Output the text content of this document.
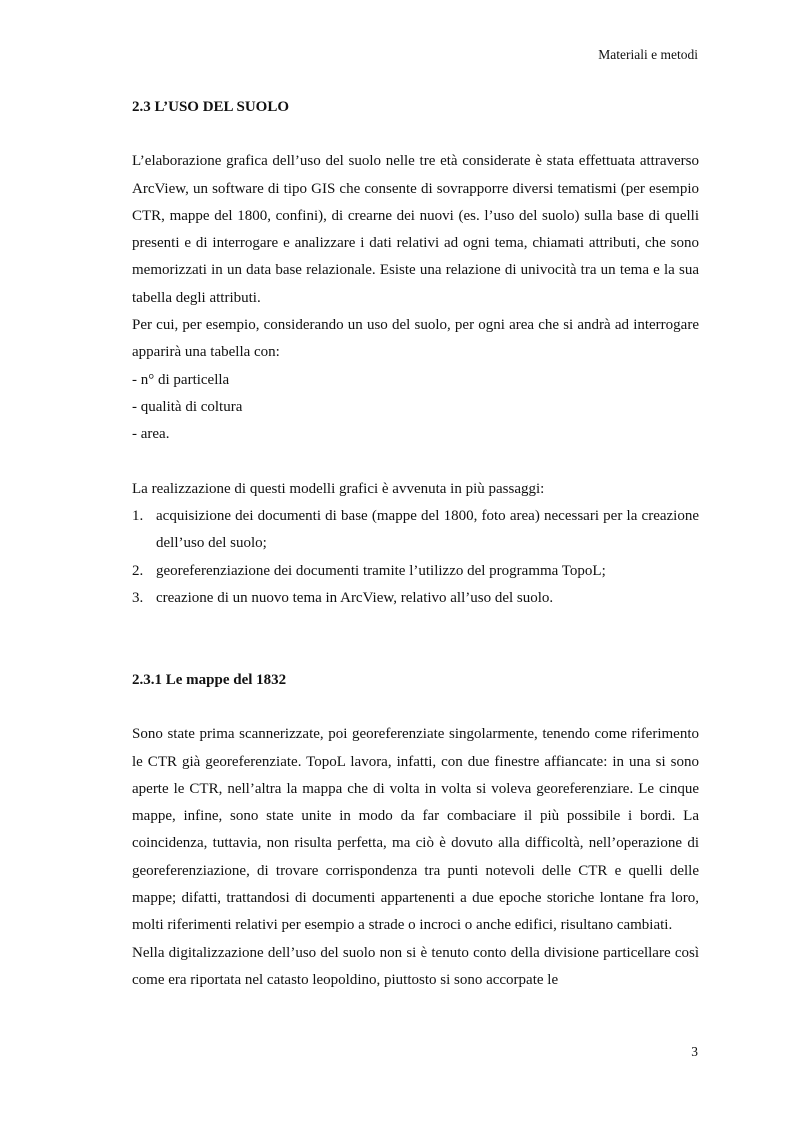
Materiali e metodi
2.3 L’USO DEL SUOLO

L’elaborazione grafica dell’uso del suolo nelle tre età considerate è stata effettuata attraverso ArcView, un software di tipo GIS che consente di sovrapporre diversi tematismi (per esempio CTR, mappe del 1800, confini), di crearne dei nuovi (es. l’uso del suolo) sulla base di quelli presenti e di interrogare e analizzare i dati relativi ad ogni tema, chiamati attributi, che sono memorizzati in un data base relazionale. Esiste una relazione di univocità tra un tema e la sua tabella degli attributi.

Per cui, per esempio, considerando un uso del suolo, per ogni area che si andrà ad interrogare apparirà una tabella con:

- n° di particella
- qualità di coltura
- area.

La realizzazione di questi modelli grafici è avvenuta in più passaggi:

1. acquisizione dei documenti di base (mappe del 1800, foto area) necessari per la creazione dell’uso del suolo;
2. georeferenziazione dei documenti tramite l’utilizzo del programma TopoL;
3. creazione di un nuovo tema in ArcView, relativo all’uso del suolo.
2.3.1 Le mappe del 1832

Sono state prima scannerizzate, poi georeferenziate singolarmente, tenendo come riferimento le CTR già georeferenziate. TopoL lavora, infatti, con due finestre affiancate: in una si sono aperte le CTR, nell’altra la mappa che di volta in volta si voleva georeferenziare. Le cinque mappe, infine, sono state unite in modo da far combaciare il più possibile i bordi. La coincidenza, tuttavia, non risulta perfetta, ma ciò è dovuto alla difficoltà, nell’operazione di georeferenziazione, di trovare corrispondenza tra punti notevoli delle CTR e quelli delle mappe; difatti, trattandosi di documenti appartenenti a due epoche storiche lontane fra loro, molti riferimenti relativi per esempio a strade o incroci o anche edifici, risultano cambiati.

Nella digitalizzazione dell’uso del suolo non si è tenuto conto della divisione particellare così come era riportata nel catasto leopoldino, piuttosto si sono accorpate le

3
